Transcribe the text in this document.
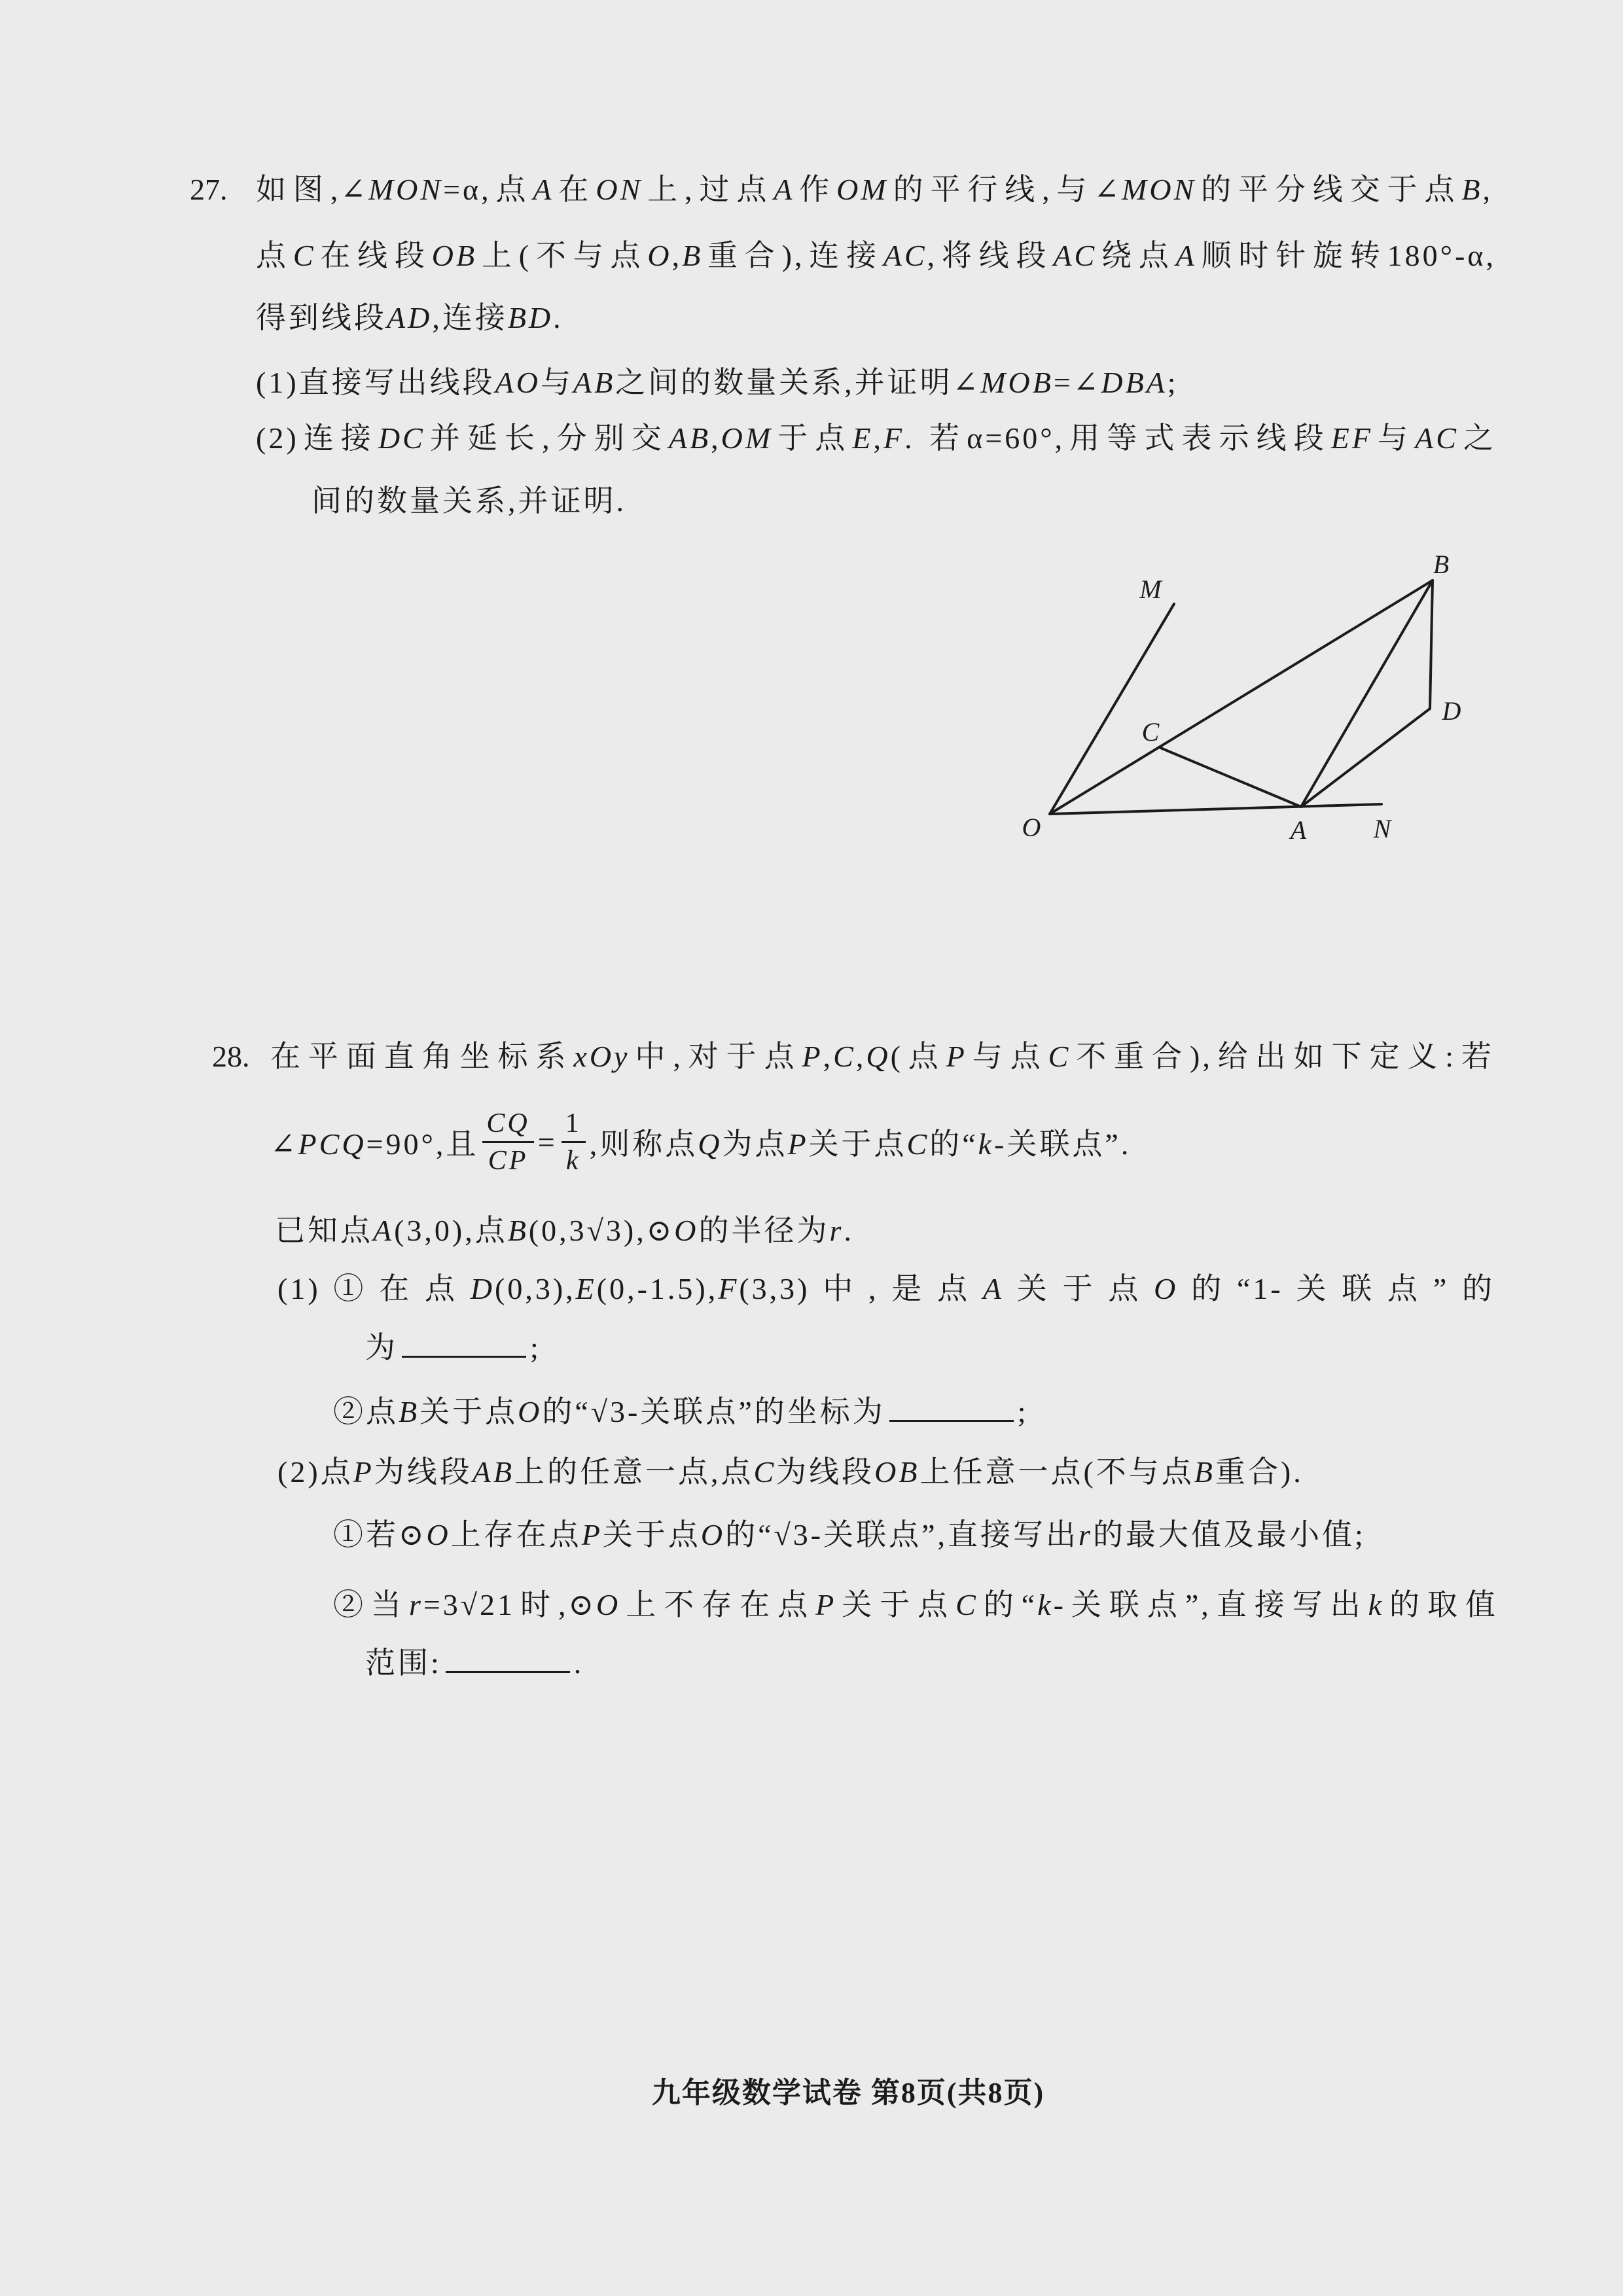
27. 如图,∠MON=α,点A在ON上,过点A作OM的平行线,与∠MON的平分线交于点B,
点C在线段OB上(不与点O,B重合),连接AC,将线段AC绕点A顺时针旋转180°-α,
得到线段AD,连接BD.
(1)直接写出线段AO与AB之间的数量关系,并证明∠MOB=∠DBA;
(2)连接DC并延长,分别交AB,OM于点E,F. 若α=60°,用等式表示线段EF与AC之
间的数量关系,并证明.
M
B
C
D
O	A	N
28. 在平面直角坐标系xOy中,对于点P,C,Q(点P与点C不重合),给出如下定义:若
∠PCQ=90°,且 $\frac{CQ}{CP} = \frac{1}{k}$ ,则称点Q为点P关于点C的“k-关联点”.
已知点A(3,0),点B(0,3√3),⊙O的半径为r.
(1)①在点D(0,3),E(0,-1.5),F(3,3)中,是点A关于点O的“1-关联点”的
为	;
②点B关于点O的“√3-关联点”的坐标为	;
(2)点P为线段AB上的任意一点,点C为线段OB上任意一点(不与点B重合).
①若⊙O上存在点P关于点O的“√3-关联点”,直接写出r的最大值及最小值;
②当r=3√21时,⊙O上不存在点P关于点C的“k-关联点”,直接写出k的取值
范围:	.
九年级数学试卷 第8页(共8页)
